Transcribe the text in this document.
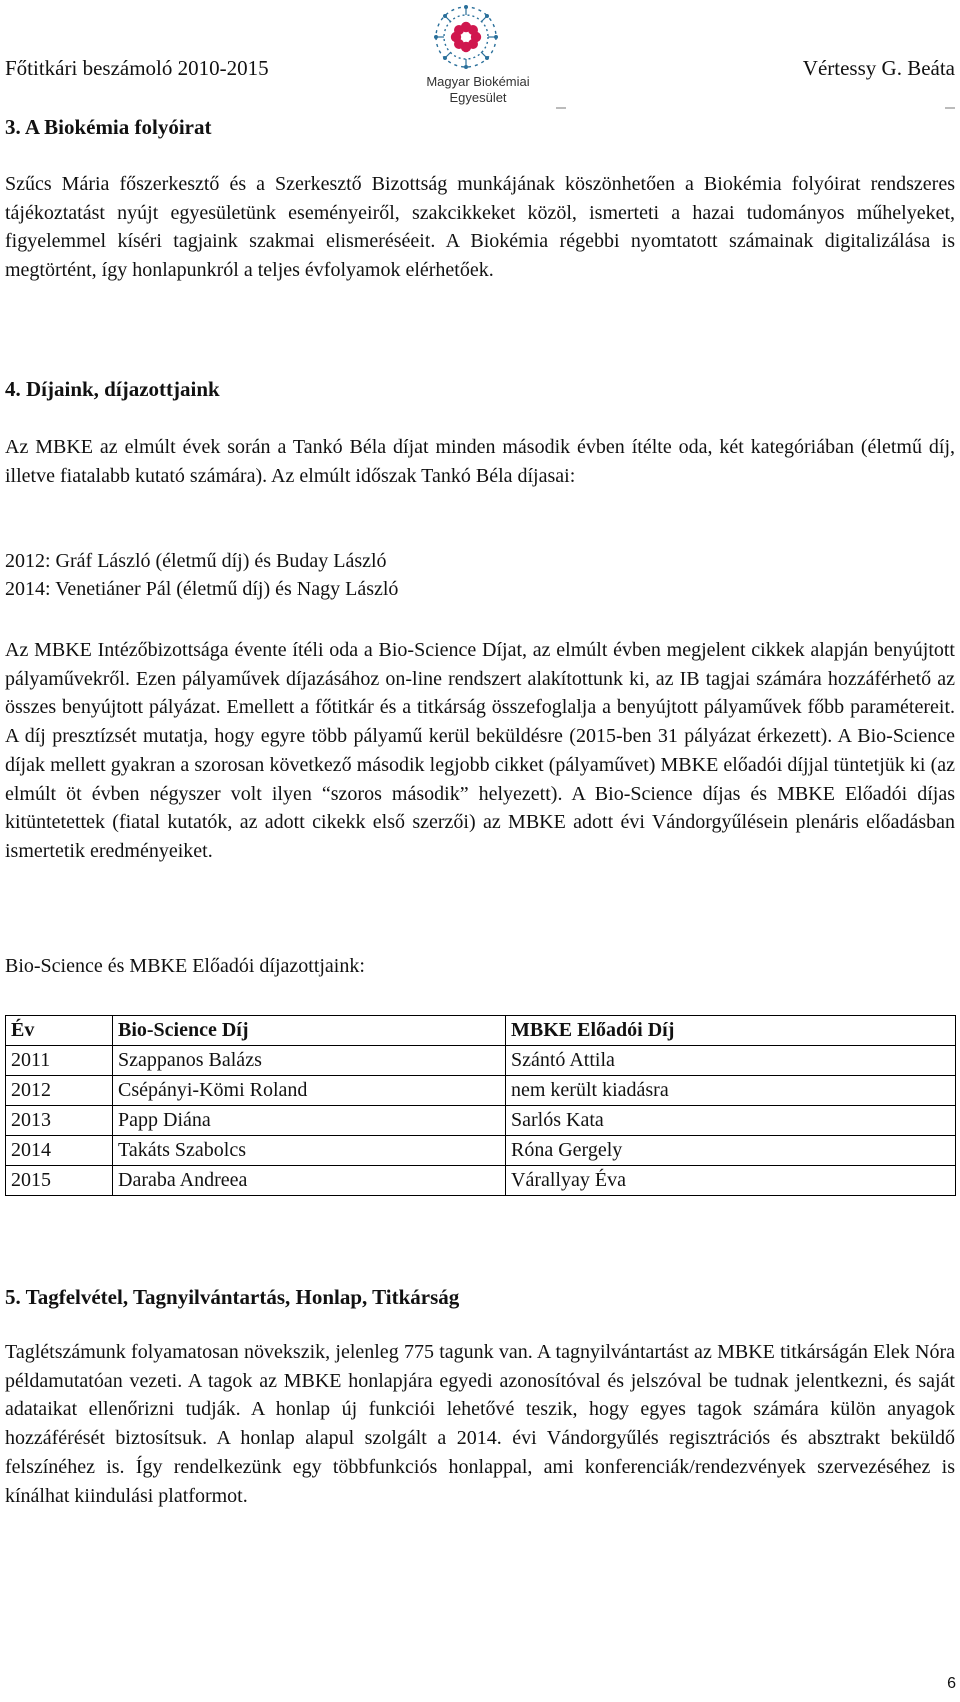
Főtitkári beszámoló 2010-2015	Vértessy G. Beáta
Magyar Biokémiai
Egyesület
3. A Biokémia folyóirat

Szűcs Mária főszerkesztő és a Szerkesztő Bizottság munkájának köszönhetően a Biokémia folyóirat rendszeres tájékoztatást nyújt egyesületünk eseményeiről, szakcikkeket közöl, ismerteti a hazai tudományos műhelyeket, figyelemmel kíséri tagjaink szakmai elismeréséeit. A Biokémia régebbi nyomtatott számainak digitalizálása is megtörtént, így honlapunkról a teljes évfolyamok elérhetőek.

4. Díjaink, díjazottjaink

Az MBKE az elmúlt évek során a Tankó Béla díjat minden második évben ítélte oda, két kategóriában (életmű díj, illetve fiatalabb kutató számára). Az elmúlt időszak Tankó Béla díjasai:

2012: Gráf László (életmű díj) és Buday László
2014: Venetiáner Pál (életmű díj) és Nagy László

Az MBKE Intézőbizottsága évente ítéli oda a Bio-Science Díjat, az elmúlt évben megjelent cikkek alapján benyújtott pályaművekről. Ezen pályaművek díjazásához on-line rendszert alakítottunk ki, az IB tagjai számára hozzáférhető az összes benyújtott pályázat. Emellett a főtitkár és a titkárság összefoglalja a benyújtott pályaművek főbb paramétereit. A díj presztízsét mutatja, hogy egyre több pályamű kerül beküldésre (2015-ben 31 pályázat érkezett). A Bio-Science díjak mellett gyakran a szorosan következő második legjobb cikket (pályaművet) MBKE előadói díjjal tüntetjük ki (az elmúlt öt évben négyszer volt ilyen “szoros második” helyezett). A Bio-Science díjas és MBKE Előadói díjas kitüntetettek (fiatal kutatók, az adott cikekk első szerzői) az MBKE adott évi Vándorgyűlésein plenáris előadásban ismertetik eredményeiket.

Bio-Science és MBKE Előadói díjazottjaink:

Év	Bio-Science Díj	MBKE Előadói Díj
2011	Szappanos Balázs	Szántó Attila
2012	Csépányi-Kömi Roland	nem került kiadásra
2013	Papp Diána	Sarlós Kata
2014	Takáts Szabolcs	Róna Gergely
2015	Daraba Andreea	Várallyay Éva
5. Tagfelvétel, Tagnyilvántartás, Honlap, Titkárság

Taglétszámunk folyamatosan növekszik, jelenleg 775 tagunk van. A tagnyilvántartást az MBKE titkárságán Elek Nóra példamutatóan vezeti. A tagok az MBKE honlapjára egyedi azonosítóval és jelszóval be tudnak jelentkezni, és saját adataikat ellenőrizni tudják. A honlap új funkciói lehetővé teszik, hogy egyes tagok számára külön anyagok hozzáférését biztosítsuk. A honlap alapul szolgált a 2014. évi Vándorgyűlés regisztrációs és absztrakt beküldő felszínéhez is. Így rendelkezünk egy többfunkciós honlappal, ami konferenciák/rendezvények szervezéséhez is kínálhat kiindulási platformot.

6
